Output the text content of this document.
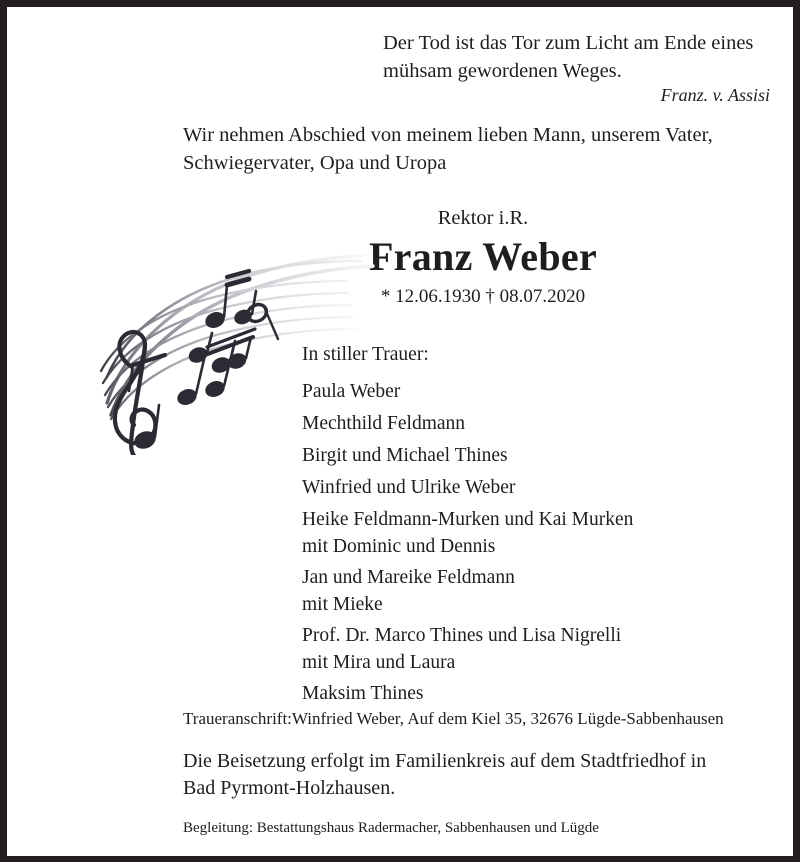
Der Tod ist das Tor zum Licht am Ende eines
mühsam gewordenen Weges.
Franz. v. Assisi
Wir nehmen Abschied von meinem lieben Mann, unserem Vater,
Schwiegervater, Opa und Uropa
Rektor i.R.
Franz Weber
* 12.06.1930 † 08.07.2020
In stiller Trauer:
Paula Weber
Mechthild Feldmann
Birgit und Michael Thines
Winfried und Ulrike Weber
Heike Feldmann-Murken und Kai Murken
mit Dominic und Dennis
Jan und Mareike Feldmann
mit Mieke
Prof. Dr. Marco Thines und Lisa Nigrelli
mit Mira und Laura
Maksim Thines
Traueranschrift:Winfried Weber, Auf dem Kiel 35, 32676 Lügde-Sabbenhausen
Die Beisetzung erfolgt im Familienkreis auf dem Stadtfriedhof in
Bad Pyrmont-Holzhausen.
Begleitung: Bestattungshaus Radermacher, Sabbenhausen und Lügde
